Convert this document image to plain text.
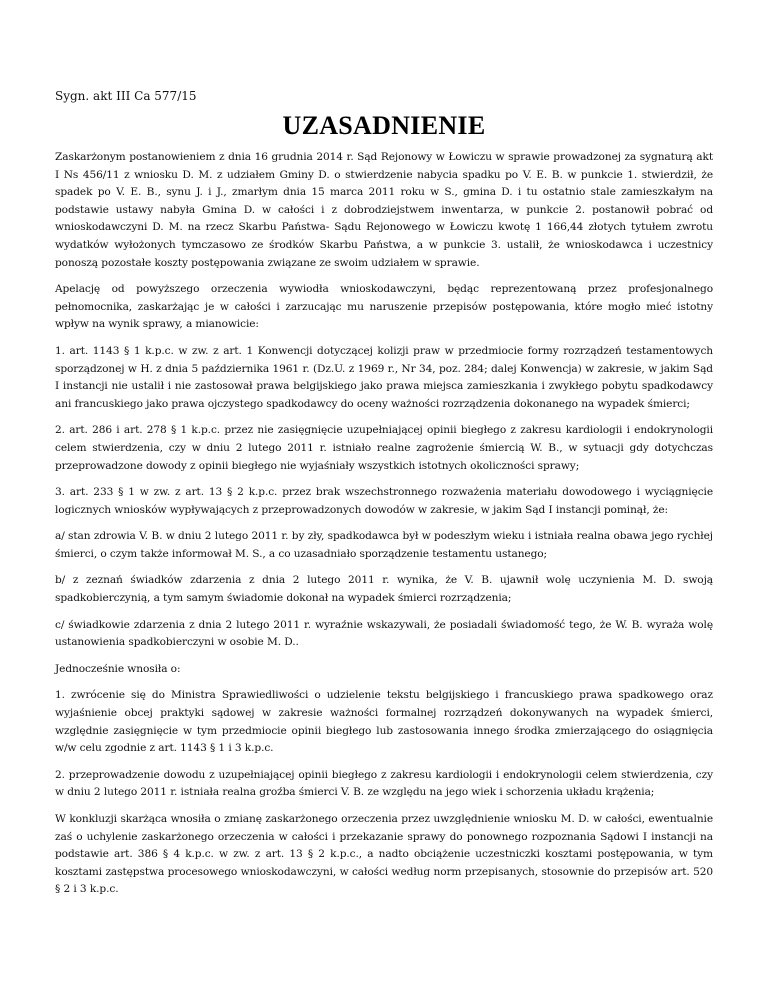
Sygn. akt III Ca 577/15

UZASADNIENIE

Zaskarżonym postanowieniem z dnia 16 grudnia 2014 r. Sąd Rejonowy w Łowiczu w sprawie prowadzonej za sygnaturą akt I Ns 456/11 z wniosku D. M. z udziałem Gminy D. o stwierdzenie nabycia spadku po V. E. B. w punkcie 1. stwierdził, że spadek po V. E. B., synu J. i J., zmarłym dnia 15 marca 2011 roku w S., gmina D. i tu ostatnio stale zamieszkałym na podstawie ustawy nabyła Gmina D. w całości i z dobrodziejstwem inwentarza, w punkcie 2. postanowił pobrać od wnioskodawczyni D. M. na rzecz Skarbu Państwa- Sądu Rejonowego w Łowiczu kwotę 1 166,44 złotych tytułem zwrotu wydatków wyłożonych tymczasowo ze środków Skarbu Państwa, a w punkcie 3. ustalił, że wnioskodawca i uczestnicy ponoszą pozostałe koszty postępowania związane ze swoim udziałem w sprawie.

Apelację od powyższego orzeczenia wywiodła wnioskodawczyni, będąc reprezentowaną przez profesjonalnego pełnomocnika, zaskarżając je w całości i zarzucając mu naruszenie przepisów postępowania, które mogło mieć istotny wpływ na wynik sprawy, a mianowicie:

1. art. 1143 § 1 k.p.c. w zw. z art. 1 Konwencji dotyczącej kolizji praw w przedmiocie formy rozrządzeń testamentowych sporządzonej w H. z dnia 5 października 1961 r. (Dz.U. z 1969 r., Nr 34, poz. 284; dalej Konwencja) w zakresie, w jakim Sąd I instancji nie ustalił i nie zastosował prawa belgijskiego jako prawa miejsca zamieszkania i zwykłego pobytu spadkodawcy ani francuskiego jako prawa ojczystego spadkodawcy do oceny ważności rozrządzenia dokonanego na wypadek śmierci;

2. art. 286 i art. 278 § 1 k.p.c. przez nie zasięgnięcie uzupełniającej opinii biegłego z zakresu kardiologii i endokrynologii celem stwierdzenia, czy w dniu 2 lutego 2011 r. istniało realne zagrożenie śmiercią W. B., w sytuacji gdy dotychczas przeprowadzone dowody z opinii biegłego nie wyjaśniały wszystkich istotnych okoliczności sprawy;

3. art. 233 § 1 w zw. z art. 13 § 2 k.p.c. przez brak wszechstronnego rozważenia materiału dowodowego i wyciągnięcie logicznych wniosków wypływających z przeprowadzonych dowodów w zakresie, w jakim Sąd I instancji pominął, że:

a/ stan zdrowia V. B. w dniu 2 lutego 2011 r. by zły, spadkodawca był w podeszłym wieku i istniała realna obawa jego rychłej śmierci, o czym także informował M. S., a co uzasadniało sporządzenie testamentu ustanego;

b/ z zeznań świadków zdarzenia z dnia 2 lutego 2011 r. wynika, że V. B. ujawnił wolę uczynienia M. D. swoją spadkobierczynią, a tym samym świadomie dokonał na wypadek śmierci rozrządzenia;

c/ świadkowie zdarzenia z dnia 2 lutego 2011 r. wyraźnie wskazywali, że posiadali świadomość tego, że W. B. wyraża wolę ustanowienia spadkobierczyni w osobie M. D..

Jednocześnie wnosiła o:

1. zwrócenie się do Ministra Sprawiedliwości o udzielenie tekstu belgijskiego i francuskiego prawa spadkowego oraz wyjaśnienie obcej praktyki sądowej w zakresie ważności formalnej rozrządzeń dokonywanych na wypadek śmierci, względnie zasięgnięcie w tym przedmiocie opinii biegłego lub zastosowania innego środka zmierzającego do osiągnięcia w/w celu zgodnie z art. 1143 § 1 i 3 k.p.c.

2. przeprowadzenie dowodu z uzupełniającej opinii biegłego z zakresu kardiologii i endokrynologii celem stwierdzenia, czy w dniu 2 lutego 2011 r. istniała realna groźba śmierci V. B. ze względu na jego wiek i schorzenia układu krążenia;

W konkluzji skarżąca wnosiła o zmianę zaskarżonego orzeczenia przez uwzględnienie wniosku M. D. w całości, ewentualnie zaś o uchylenie zaskarżonego orzeczenia w całości i przekazanie sprawy do ponownego rozpoznania Sądowi I instancji na podstawie art. 386 § 4 k.p.c. w zw. z art. 13 § 2 k.p.c., a nadto obciążenie uczestniczki kosztami postępowania, w tym kosztami zastępstwa procesowego wnioskodawczyni, w całości według norm przepisanych, stosownie do przepisów art. 520 § 2 i 3 k.p.c.
